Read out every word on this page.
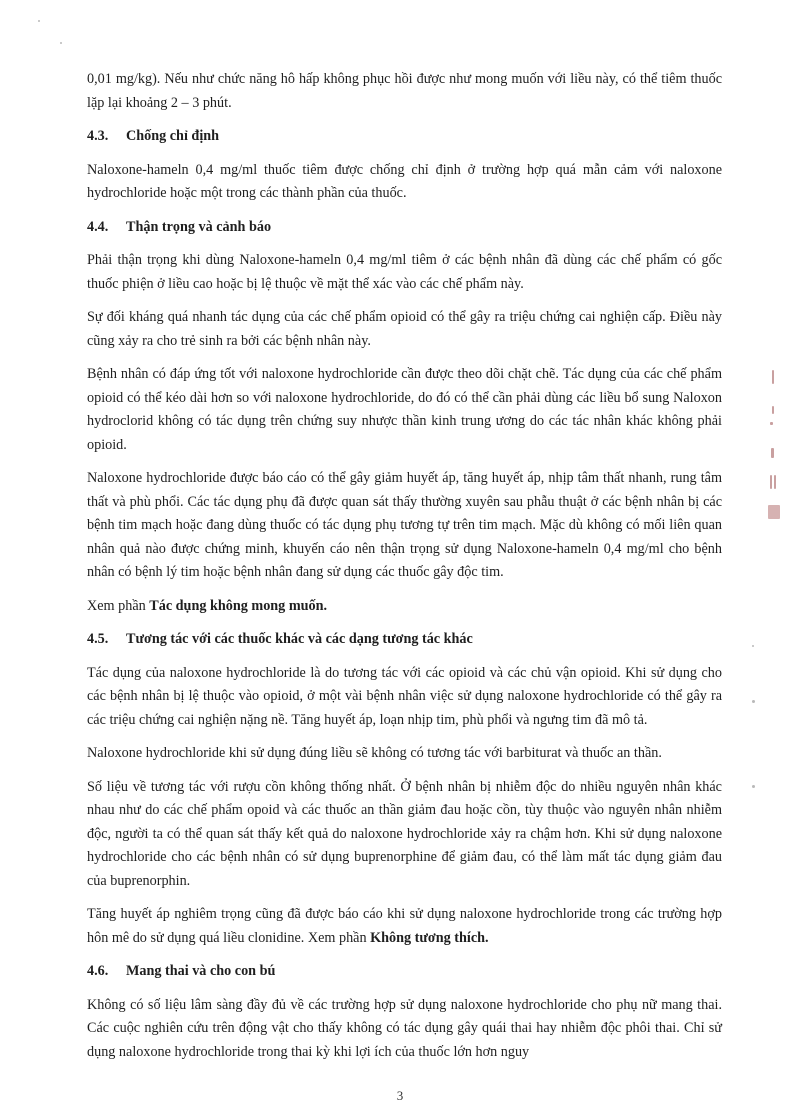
0,01 mg/kg). Nếu như chức năng hô hấp không phục hồi được như mong muốn với liều này, có thể tiêm thuốc lặp lại khoảng 2 – 3 phút.

4.3. Chống chỉ định

Naloxone-hameln 0,4 mg/ml thuốc tiêm được chống chỉ định ở trường hợp quá mẫn cảm với naloxone hydrochloride hoặc một trong các thành phần của thuốc.

4.4. Thận trọng và cảnh báo

Phải thận trọng khi dùng Naloxone-hameln 0,4 mg/ml tiêm ở các bệnh nhân đã dùng các chế phẩm có gốc thuốc phiện ở liều cao hoặc bị lệ thuộc về mặt thể xác vào các chế phẩm này.

Sự đối kháng quá nhanh tác dụng của các chế phẩm opioid có thể gây ra triệu chứng cai nghiện cấp. Điều này cũng xảy ra cho trẻ sinh ra bởi các bệnh nhân này.

Bệnh nhân có đáp ứng tốt với naloxone hydrochloride cần được theo dõi chặt chẽ. Tác dụng của các chế phẩm opioid có thể kéo dài hơn so với naloxone hydrochloride, do đó có thể cần phải dùng các liều bổ sung Naloxon hydroclorid không có tác dụng trên chứng suy nhược thần kinh trung ương do các tác nhân khác không phải opioid.

Naloxone hydrochloride được báo cáo có thể gây giảm huyết áp, tăng huyết áp, nhịp tâm thất nhanh, rung tâm thất và phù phổi. Các tác dụng phụ đã được quan sát thấy thường xuyên sau phẫu thuật ở các bệnh nhân bị các bệnh tim mạch hoặc đang dùng thuốc có tác dụng phụ tương tự trên tim mạch. Mặc dù không có mối liên quan nhân quả nào được chứng minh, khuyến cáo nên thận trọng sử dụng Naloxone-hameln 0,4 mg/ml cho bệnh nhân có bệnh lý tim hoặc bệnh nhân đang sử dụng các thuốc gây độc tim.

Xem phần Tác dụng không mong muốn.

4.5. Tương tác với các thuốc khác và các dạng tương tác khác

Tác dụng của naloxone hydrochloride là do tương tác với các opioid và các chủ vận opioid. Khi sử dụng cho các bệnh nhân bị lệ thuộc vào opioid, ở một vài bệnh nhân việc sử dụng naloxone hydrochloride có thể gây ra các triệu chứng cai nghiện nặng nề. Tăng huyết áp, loạn nhịp tim, phù phổi và ngưng tim đã mô tả.

Naloxone hydrochloride khi sử dụng đúng liều sẽ không có tương tác với barbiturat và thuốc an thần.

Số liệu về tương tác với rượu cồn không thống nhất. Ở bệnh nhân bị nhiễm độc do nhiều nguyên nhân khác nhau như do các chế phẩm opoid và các thuốc an thần giảm đau hoặc cồn, tùy thuộc vào nguyên nhân nhiễm độc, người ta có thể quan sát thấy kết quả do naloxone hydrochloride xảy ra chậm hơn. Khi sử dụng naloxone hydrochloride cho các bệnh nhân có sử dụng buprenorphine để giảm đau, có thể làm mất tác dụng giảm đau của buprenorphin.

Tăng huyết áp nghiêm trọng cũng đã được báo cáo khi sử dụng naloxone hydrochloride trong các trường hợp hôn mê do sử dụng quá liều clonidine. Xem phần Không tương thích.

4.6. Mang thai và cho con bú

Không có số liệu lâm sàng đầy đủ về các trường hợp sử dụng naloxone hydrochloride cho phụ nữ mang thai. Các cuộc nghiên cứu trên động vật cho thấy không có tác dụng gây quái thai hay nhiễm độc phôi thai. Chỉ sử dụng naloxone hydrochloride trong thai kỳ khi lợi ích của thuốc lớn hơn nguy

3
